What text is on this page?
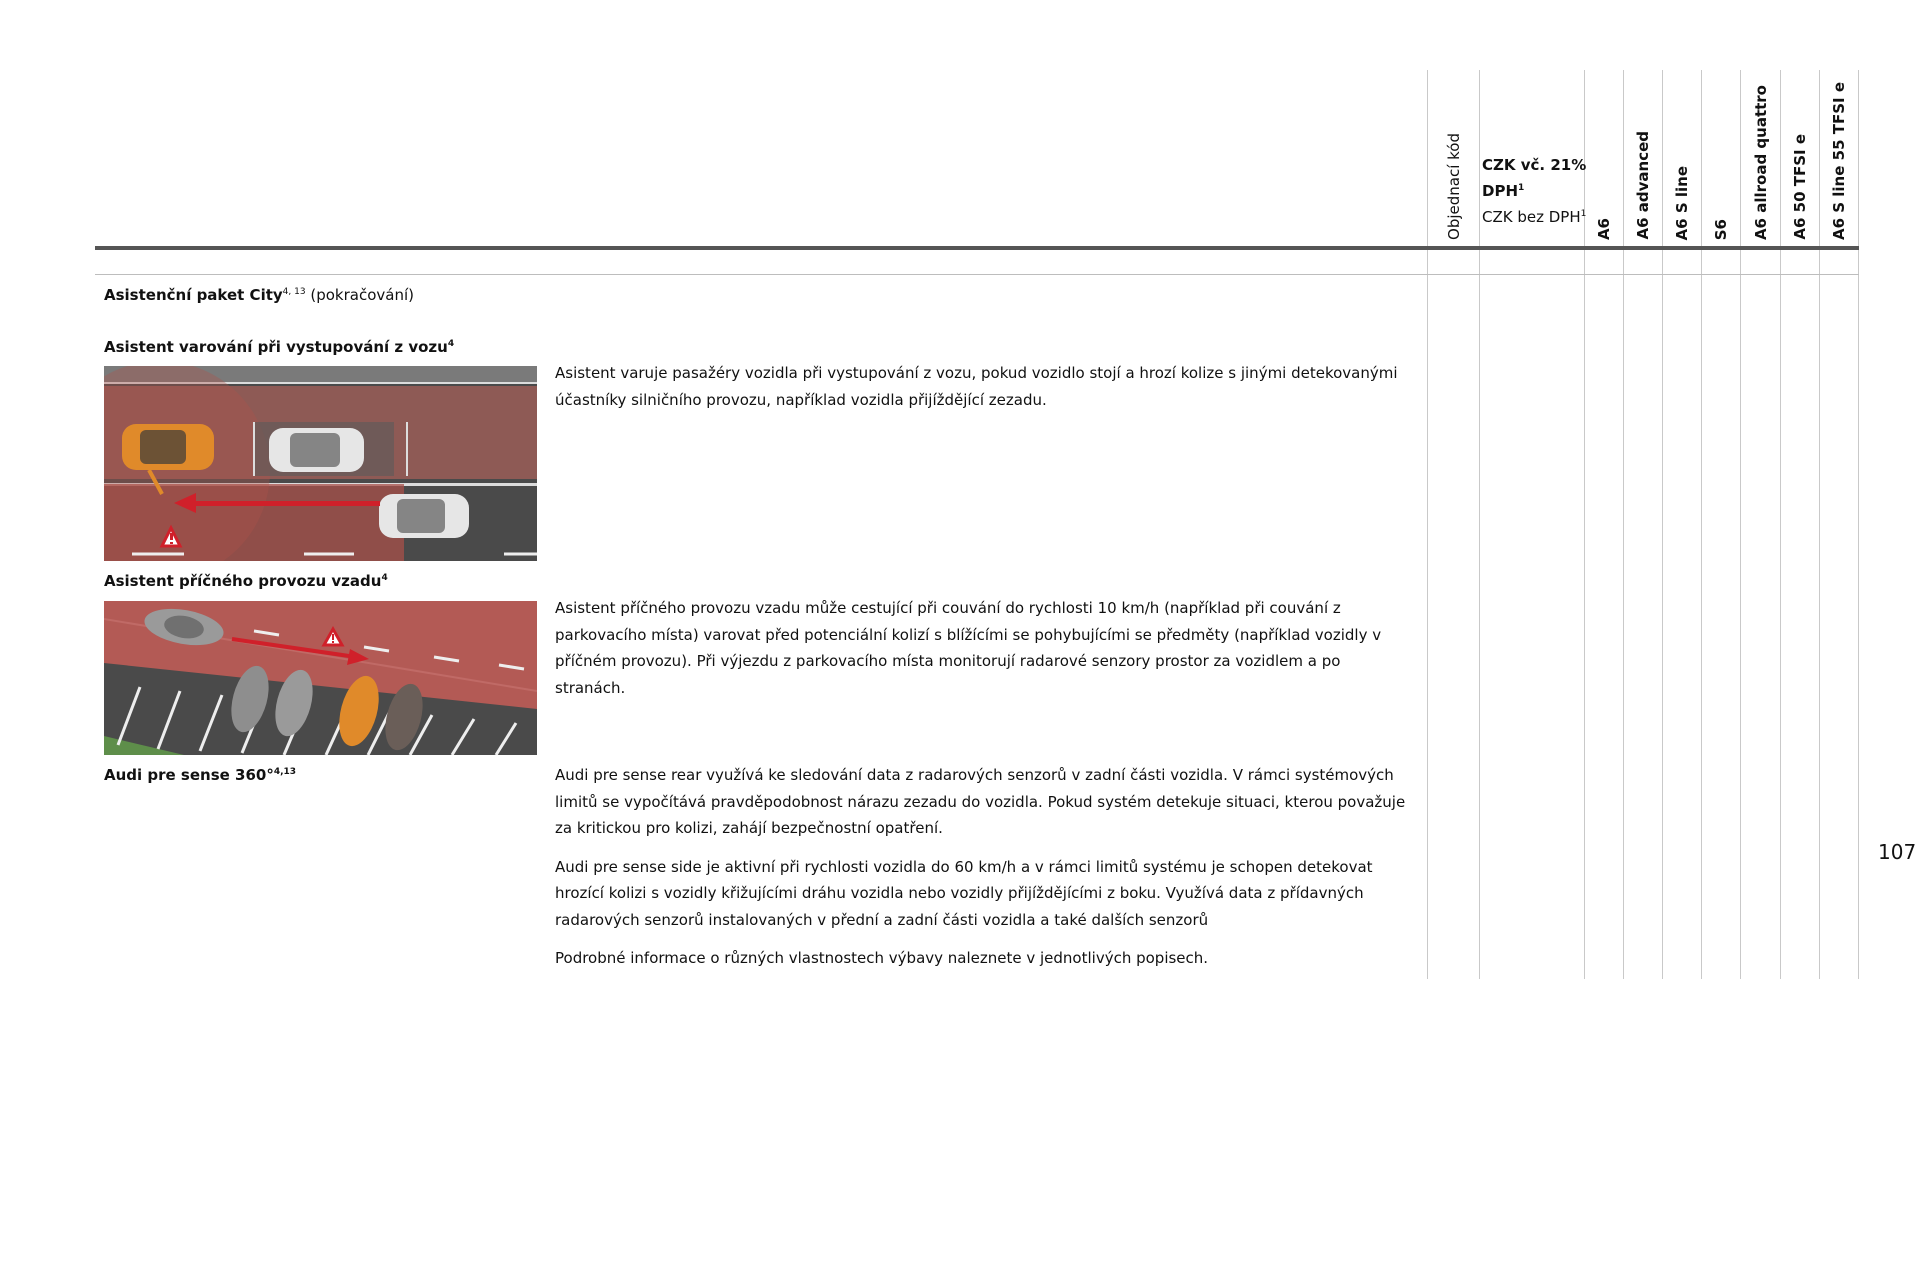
Objednací kód CZK vč. 21% DPH$^1$
CZK bez DPH$^1$
A6 A6 advanced A6 S line S6 A6 allroad quattro A6 50 TFSI e A6 S line 55 TFSI e
Asistenční paket City$^{4, 13}$ (pokračování)
Asistent varování při vystupování z vozu$^4$

Asistent varuje pasažéry vozidla při vystupování z vozu, pokud vozidlo stojí a hrozí kolize s jinými detekovanými účastníky silničního provozu, například vozidla přijíždějící zezadu.

Asistent příčného provozu vzadu$^4$

Asistent příčného provozu vzadu může cestující při couvání do rychlosti 10 km/h (například při couvání z parkovacího místa) varovat před potenciální kolizí s blížícími se pohybujícími se předměty (například vozidly v příčném provozu). Při výjezdu z parkovacího místa monitorují radarové senzory prostor za vozidlem a po stranách.

Audi pre sense 360°$^{4,13}$	Audi pre sense rear využívá ke sledování data z radarových senzorů v zadní části vozidla. V rámci systémových limitů se vypočítává pravděpodobnost nárazu zezadu do vozidla. Pokud systém detekuje situaci, kterou považuje za kritickou pro kolizi, zahájí bezpečnostní opatření.

Audi pre sense side je aktivní při rychlosti vozidla do 60 km/h a v rámci limitů systému je schopen detekovat hrozící kolizi s vozidly křižujícími dráhu vozidla nebo vozidly přijíždějícími z boku. Využívá data z přídavných radarových senzorů instalovaných v přední a zadní části vozidla a také dalších senzorů

Podrobné informace o různých vlastnostech výbavy naleznete v jednotlivých popisech.

107
